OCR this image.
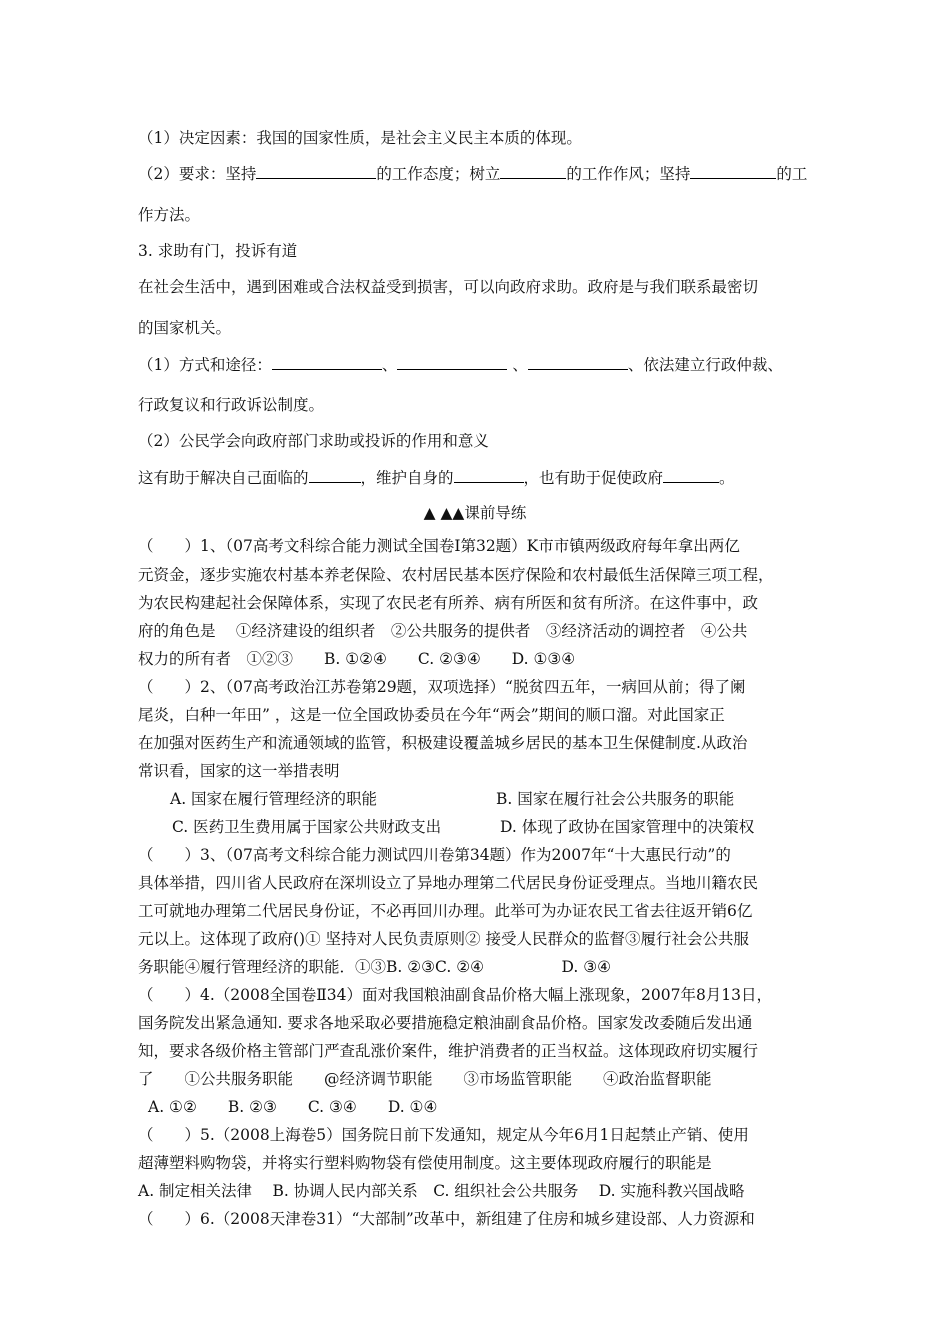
（1）决定因素：我国的国家性质，是社会主义民主本质的体现。
（2）要求：坚持	的工作态度；树立	的工作作风；坚持	的工
作方法。
3. 求助有门，投诉有道
在社会生活中，遇到困难或合法权益受到损害，可以向政府求助。政府是与我们联系最密切
的国家机关。
（1）方式和途径：	、	、	、依法建立行政仲裁、
行政复议和行政诉讼制度。
（2）公民学会向政府部门求助或投诉的作用和意义
这有助于解决自己面临的	，维护自身的	，也有助于促使政府	。
▲ ▲▲课前导练
（　　）1、（07高考文科综合能力测试全国卷Ⅰ第32题）K市市镇两级政府每年拿出两亿
元资金，逐步实施农村基本养老保险、农村居民基本医疗保险和农村最低生活保障三项工程，
为农民构建起社会保障体系，实现了农民老有所养、病有所医和贫有所济。在这件事中，政
府的角色是　 ①经济建设的组织者　②公共服务的提供者　③经济活动的调控者　④公共
权力的所有者　①②③　　B. ①②④　　C. ②③④　　D. ①③④
（　　）2、（07高考政治江苏卷第29题，双项选择）“脱贫四五年，一病回从前；得了阑
尾炎，白种一年田” ，这是一位全国政协委员在今年“两会”期间的顺口溜。对此国家正
在加强对医药生产和流通领域的监管，积极建设覆盖城乡居民的基本卫生保健制度.从政治
常识看，国家的这一举措表明
A. 国家在履行管理经济的职能	B. 国家在履行社会公共服务的职能
C. 医药卫生费用属于国家公共财政支出	D. 体现了政协在国家管理中的决策权
（　　）3、（07高考文科综合能力测试四川卷第34题）作为2007年“十大惠民行动”的
具体举措，四川省人民政府在深圳设立了异地办理第二代居民身份证受理点。当地川籍农民
工可就地办理第二代居民身份证，不必再回川办理。此举可为办证农民工省去往返开销6亿
元以上。这体现了政府()① 坚持对人民负责原则② 接受人民群众的监督③履行社会公共服
务职能④履行管理经济的职能．①③B. ②③C. ②④　　　　　D. ③④
（　　）4.（2008全国卷Ⅱ34）面对我国粮油副食品价格大幅上涨现象，2007年8月13日，
国务院发出紧急通知. 要求各地采取必要措施稳定粮油副食品价格。国家发改委随后发出通
知，要求各级价格主管部门严查乱涨价案件，维护消费者的正当权益。这体现政府切实履行
了　　①公共服务职能　　@经济调节职能　　③市场监管职能　　④政治监督职能
A. ①②　　B. ②③　　C. ③④　　D. ①④
（　　）5.（2008上海卷5）国务院日前下发通知，规定从今年6月1日起禁止产销、使用
超薄塑料购物袋，并将实行塑料购物袋有偿使用制度。这主要体现政府履行的职能是
A. 制定相关法律　 B. 协调人民内部关系　C. 组织社会公共服务　 D. 实施科教兴国战略
（　　）6.（2008天津卷31）“大部制”改革中，新组建了住房和城乡建设部、人力资源和
